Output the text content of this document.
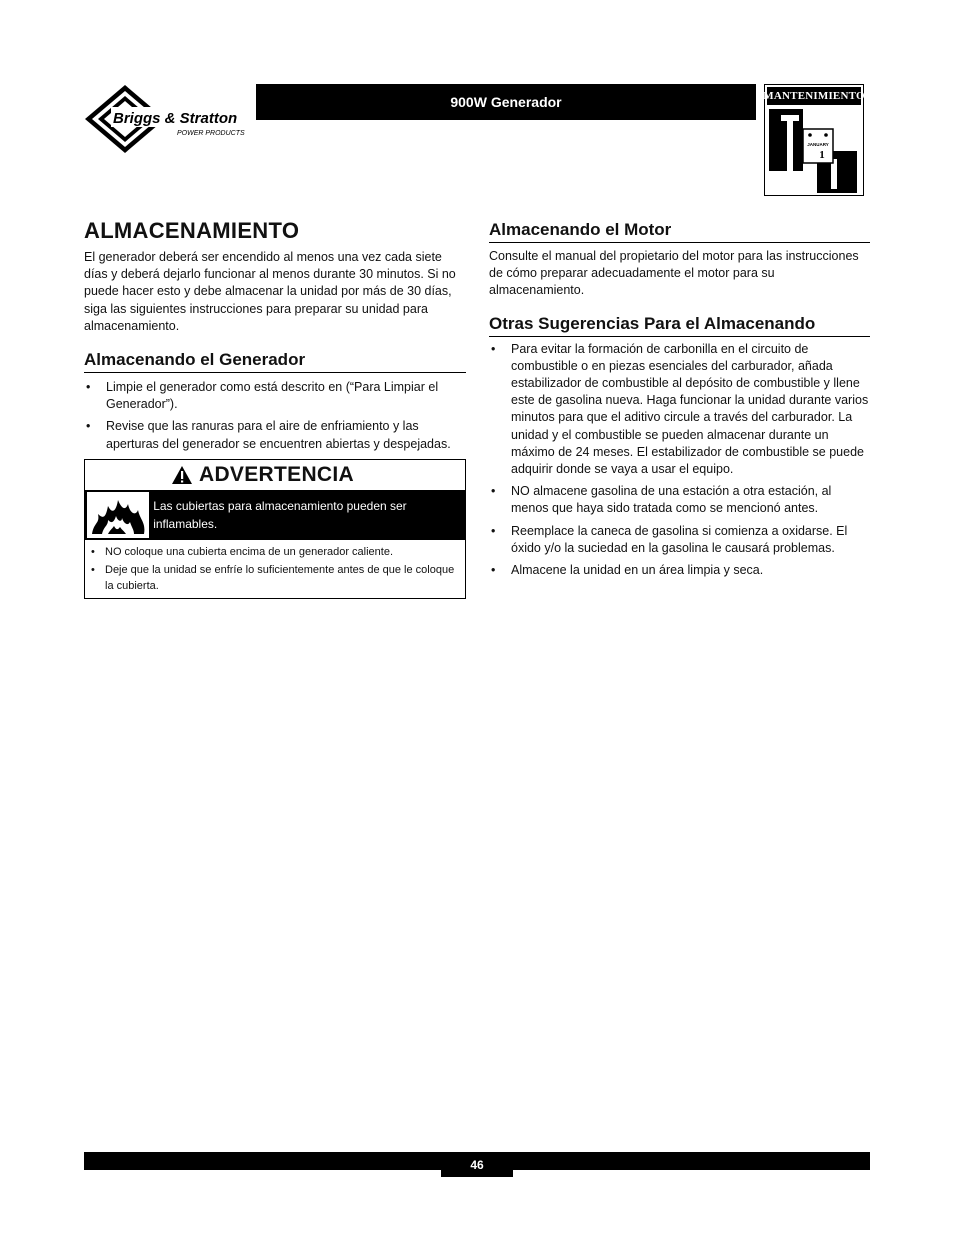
Briggs & Stratton
POWER PRODUCTS
900W Generador	MANTENIMIENTO
JANUARY
1
ALMACENAMIENTO

El generador deberá ser encendido al menos una vez cada siete días y deberá dejarlo funcionar al menos durante 30 minutos. Si no puede hacer esto y debe almacenar la unidad por más de 30 días, siga las siguientes instrucciones para preparar su unidad para almacenamiento.

Almacenando el Generador
• Limpie el generador como está descrito en (“Para Limpiar el Generador”).
• Revise que las ranuras para el aire de enfriamiento y las aperturas del generador se encuentren abiertas y despejadas.
ADVERTENCIA
Las cubiertas para almacenamiento pueden ser inflamables.
• NO coloque una cubierta encima de un generador caliente.
• Deje que la unidad se enfríe lo suficientemente antes de que le coloque la cubierta.
Almacenando el Motor

Consulte el manual del propietario del motor para las instrucciones de cómo preparar adecuadamente el motor para su almacenamiento.

Otras Sugerencias Para el Almacenando
• Para evitar la formación de carbonilla en el circuito de combustible o en piezas esenciales del carburador, añada estabilizador de combustible al depósito de combustible y llene este de gasolina nueva. Haga funcionar la unidad durante varios minutos para que el aditivo circule a través del carburador. La unidad y el combustible se pueden almacenar durante un máximo de 24 meses. El estabilizador de combustible se puede adquirir donde se vaya a usar el equipo.
• NO almacene gasolina de una estación a otra estación, al menos que haya sido tratada como se mencionó antes.
• Reemplace la caneca de gasolina si comienza a oxidarse. El óxido y/o la suciedad en la gasolina le causará problemas.
• Almacene la unidad en un área limpia y seca.
46
